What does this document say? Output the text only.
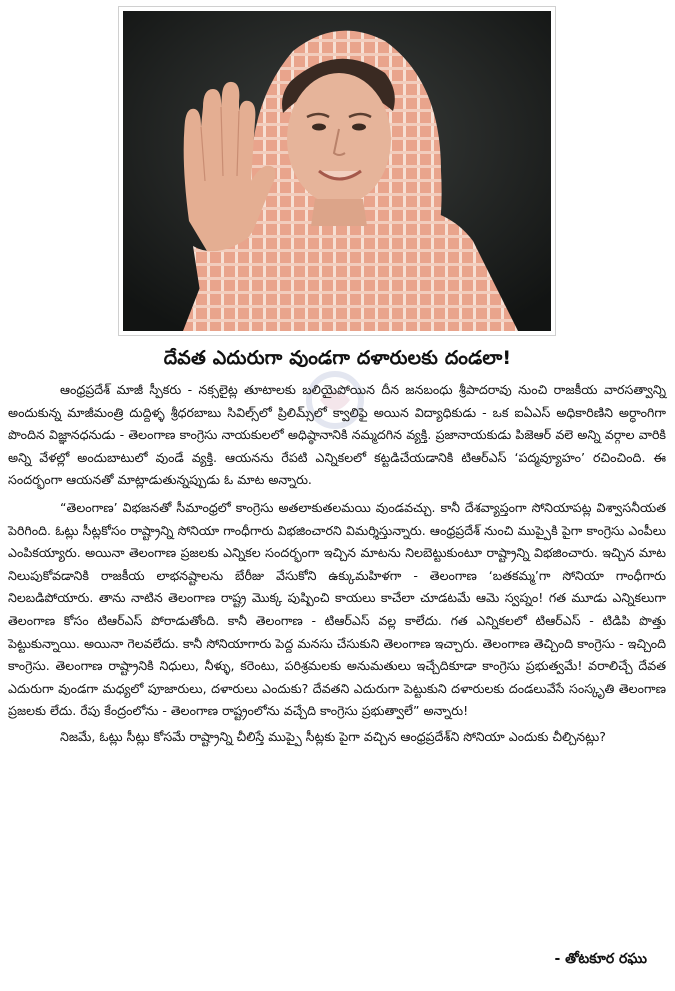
దేవత ఎదురుగా వుండగా దళారులకు దండలా!

ఆంధ్రప్రదేశ్ మాజీ స్పీకరు - నక్సలైట్ల తూటాలకు బలియైపోయిన దీన జనబంధు శ్రీపాదరావు నుంచి రాజకీయ వారసత్వాన్ని అందుకున్న మాజీమంత్రి దుద్దిళ్ళ శ్రీధరబాబు సివిల్స్‌లో ప్రిలిమ్స్‌లో క్వాలిఫై అయిన విద్యాధికుడు - ఒక ఐఏఎస్ అధికారిణిని అర్ధాంగిగా పొందిన విజ్ఞానధనుడు - తెలంగాణ కాంగ్రెసు నాయకులలో అధిష్ఠానానికి నమ్మదగిన వ్యక్తి. ప్రజానాయకుడు పిజెఆర్ వలె అన్ని వర్గాల వారికి అన్ని వేళల్లో అందుబాటులో వుండే వ్యక్తి. ఆయనను రేపటి ఎన్నికలలో కట్టడిచేయడానికి టిఆర్ఎస్ ‘పద్మవ్యూహం’ రచించింది. ఈ సందర్భంగా ఆయనతో మాట్లాడుతున్నప్పుడు ఓ మాట అన్నారు.

“తెలంగాణ’ విభజనతో సీమాంధ్రలో కాంగ్రెసు అతలాకుతలమయి వుండవచ్చు. కానీ దేశవ్యాప్తంగా సోనియాపట్ల విశ్వాసనీయత పెరిగింది. ఓట్లు సీట్లకోసం రాష్ట్రాన్ని సోనియా గాంధీగారు విభజించారని విమర్శిస్తున్నారు. ఆంధ్రప్రదేశ్ నుంచి ముప్పైకి పైగా కాంగ్రెసు ఎంపీలు ఎంపికయ్యారు. అయినా తెలంగాణ ప్రజలకు ఎన్నికల సందర్భంగా ఇచ్చిన మాటను నిలబెట్టుకుంటూ రాష్ట్రాన్ని విభజించారు. ఇచ్చిన మాట నిలుపుకోవడానికి రాజకీయ లాభనష్టాలను బేరీజు వేసుకోని ఉక్కుమహిళగా - తెలంగాణ ‘బతకమ్మ’గా సోనియా గాంధీగారు నిలబడిపోయారు. తాను నాటిన తెలంగాణ రాష్ట్ర మొక్క పుష్పించి కాయలు కాచేలా చూడటమే ఆమె స్వప్నం! గత మూడు ఎన్నికలుగా తెలంగాణ కోసం టిఆర్ఎస్ పోరాడుతోంది. కానీ తెలంగాణ - టిఆర్ఎస్ వల్ల కాలేదు. గత ఎన్నికలలో టిఆర్ఎస్ - టిడిపి పొత్తు పెట్టుకున్నాయి. అయినా గెలవలేదు. కానీ సోనియాగారు పెద్ద మనసు చేసుకుని తెలంగాణ ఇచ్చారు. తెలంగాణ తెచ్చింది కాంగ్రెసు - ఇచ్చింది కాంగ్రెసు. తెలంగాణ రాష్ట్రానికి నిధులు, నీళ్ళు, కరెంటు, పరిశ్రమలకు అనుమతులు ఇచ్చేదికూడా కాంగ్రెసు ప్రభుత్వమే! వరాలిచ్చే దేవత ఎదురుగా వుండగా మధ్యలో పూజారులు, దళారులు ఎందుకు? దేవతని ఎదురుగా పెట్టుకుని దళారులకు దండలువేసే సంస్కృతి తెలంగాణ ప్రజలకు లేదు. రేపు కేంద్రంలోను - తెలంగాణ రాష్ట్రంలోను వచ్చేది కాంగ్రెసు ప్రభుత్వాలే” అన్నారు!

నిజమే, ఓట్లు సీట్లు కోసమే రాష్ట్రాన్ని చీలిస్తే ముప్పై సీట్లకు పైగా వచ్చిన ఆంధ్రప్రదేశ్‌ని సోనియా ఎందుకు చీల్చినట్లు?

- తోటకూర రఘు
